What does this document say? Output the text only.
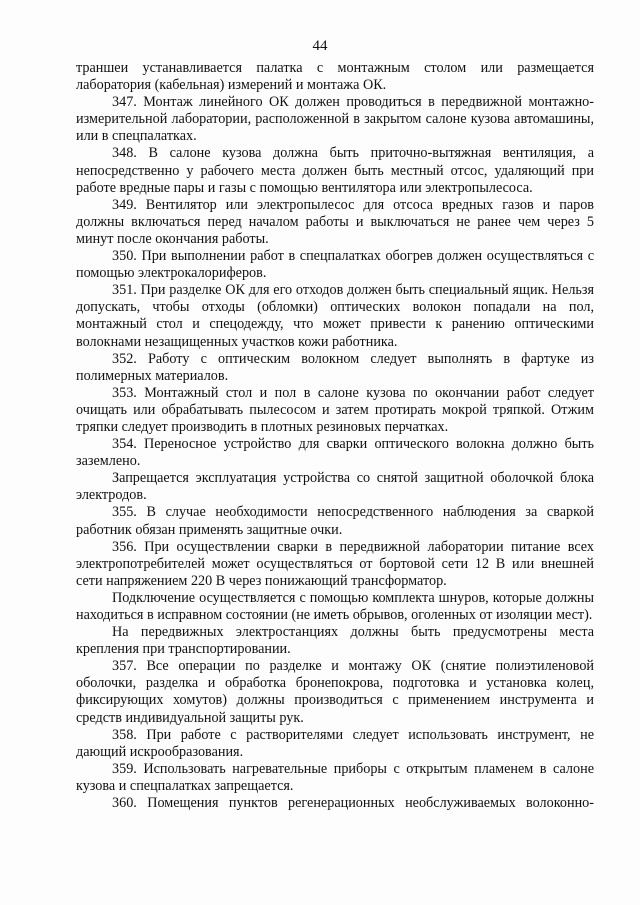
44

траншеи устанавливается палатка с монтажным столом или размещается лаборатория (кабельная) измерений и монтажа ОК.

347. Монтаж линейного ОК должен проводиться в передвижной монтажно-измерительной лаборатории, расположенной в закрытом салоне кузова автомашины, или в спецпалатках.

348. В салоне кузова должна быть приточно-вытяжная вентиляция, а непосредственно у рабочего места должен быть местный отсос, удаляющий при работе вредные пары и газы с помощью вентилятора или электропылесоса.

349. Вентилятор или электропылесос для отсоса вредных газов и паров должны включаться перед началом работы и выключаться не ранее чем через 5 минут после окончания работы.

350. При выполнении работ в спецпалатках обогрев должен осуществляться с помощью электрокалориферов.

351. При разделке ОК для его отходов должен быть специальный ящик. Нельзя допускать, чтобы отходы (обломки) оптических волокон попадали на пол, монтажный стол и спецодежду, что может привести к ранению оптическими волокнами незащищенных участков кожи работника.

352. Работу с оптическим волокном следует выполнять в фартуке из полимерных материалов.

353. Монтажный стол и пол в салоне кузова по окончании работ следует очищать или обрабатывать пылесосом и затем протирать мокрой тряпкой. Отжим тряпки следует производить в плотных резиновых перчатках.

354. Переносное устройство для сварки оптического волокна должно быть заземлено.

Запрещается эксплуатация устройства со снятой защитной оболочкой блока электродов.

355. В случае необходимости непосредственного наблюдения за сваркой работник обязан применять защитные очки.

356. При осуществлении сварки в передвижной лаборатории питание всех электропотребителей может осуществляться от бортовой сети 12 В или внешней сети напряжением 220 В через понижающий трансформатор.

Подключение осуществляется с помощью комплекта шнуров, которые должны находиться в исправном состоянии (не иметь обрывов, оголенных от изоляции мест).

На передвижных электростанциях должны быть предусмотрены места крепления при транспортировании.

357. Все операции по разделке и монтажу ОК (снятие полиэтиленовой оболочки, разделка и обработка бронепокрова, подготовка и установка колец, фиксирующих хомутов) должны производиться с применением инструмента и средств индивидуальной защиты рук.

358. При работе с растворителями следует использовать инструмент, не дающий искрообразования.

359. Использовать нагревательные приборы с открытым пламенем в салоне кузова и спецпалатках запрещается.

360. Помещения пунктов регенерационных необслуживаемых волоконно-
